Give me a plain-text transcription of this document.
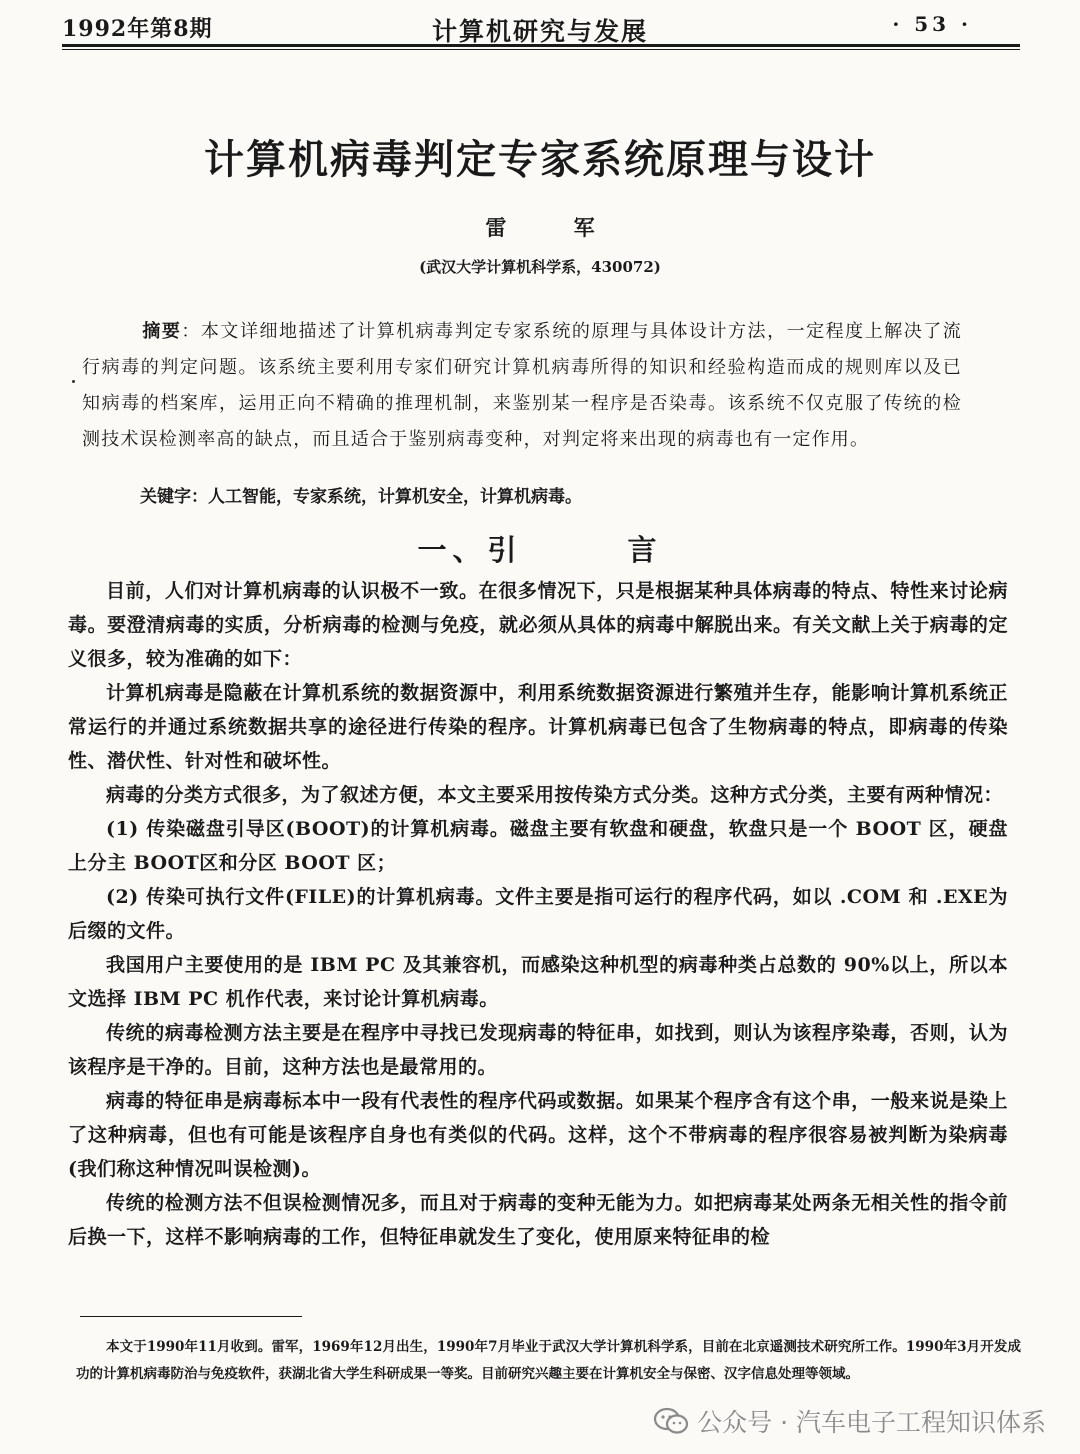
1992年第8期	计算机研究与发展	· 53 ·
计算机病毒判定专家系统原理与设计
雷 军
(武汉大学计算机科学系，430072)
摘要：本文详细地描述了计算机病毒判定专家系统的原理与具体设计方法，一定程度上解决了流行病毒的判定问题。该系统主要利用专家们研究计算机病毒所得的知识和经验构造而成的规则库以及已知病毒的档案库，运用正向不精确的推理机制，来鉴别某一程序是否染毒。该系统不仅克服了传统的检测技术误检测率高的缺点，而且适合于鉴别病毒变种，对判定将来出现的病毒也有一定作用。
关键字：人工智能，专家系统，计算机安全，计算机病毒。
一、引　　　言

目前，人们对计算机病毒的认识极不一致。在很多情况下，只是根据某种具体病毒的特点、特性来讨论病毒。要澄清病毒的实质，分析病毒的检测与免疫，就必须从具体的病毒中解脱出来。有关文献上关于病毒的定义很多，较为准确的如下：

计算机病毒是隐蔽在计算机系统的数据资源中，利用系统数据资源进行繁殖并生存，能影响计算机系统正常运行的并通过系统数据共享的途径进行传染的程序。计算机病毒已包含了生物病毒的特点，即病毒的传染性、潜伏性、针对性和破坏性。

病毒的分类方式很多，为了叙述方便，本文主要采用按传染方式分类。这种方式分类，主要有两种情况：

(1) 传染磁盘引导区(BOOT)的计算机病毒。磁盘主要有软盘和硬盘，软盘只是一个 BOOT 区，硬盘上分主 BOOT区和分区 BOOT 区；

(2) 传染可执行文件(FILE)的计算机病毒。文件主要是指可运行的程序代码，如以 .COM 和 .EXE为后缀的文件。

我国用户主要使用的是 IBM PC 及其兼容机，而感染这种机型的病毒种类占总数的 90%以上，所以本文选择 IBM PC 机作代表，来讨论计算机病毒。

传统的病毒检测方法主要是在程序中寻找已发现病毒的特征串，如找到，则认为该程序染毒，否则，认为该程序是干净的。目前，这种方法也是最常用的。

病毒的特征串是病毒标本中一段有代表性的程序代码或数据。如果某个程序含有这个串，一般来说是染上了这种病毒，但也有可能是该程序自身也有类似的代码。这样，这个不带病毒的程序很容易被判断为染病毒(我们称这种情况叫误检测)。

传统的检测方法不但误检测情况多，而且对于病毒的变种无能为力。如把病毒某处两条无相关性的指令前后换一下，这样不影响病毒的工作，但特征串就发生了变化，使用原来特征串的检

本文于1990年11月收到。雷军，1969年12月出生，1990年7月毕业于武汉大学计算机科学系，目前在北京遥测技术研究所工作。1990年3月开发成功的计算机病毒防治与免疫软件，获湖北省大学生科研成果一等奖。目前研究兴趣主要在计算机安全与保密、汉字信息处理等领域。
公众号 · 汽车电子工程知识体系
